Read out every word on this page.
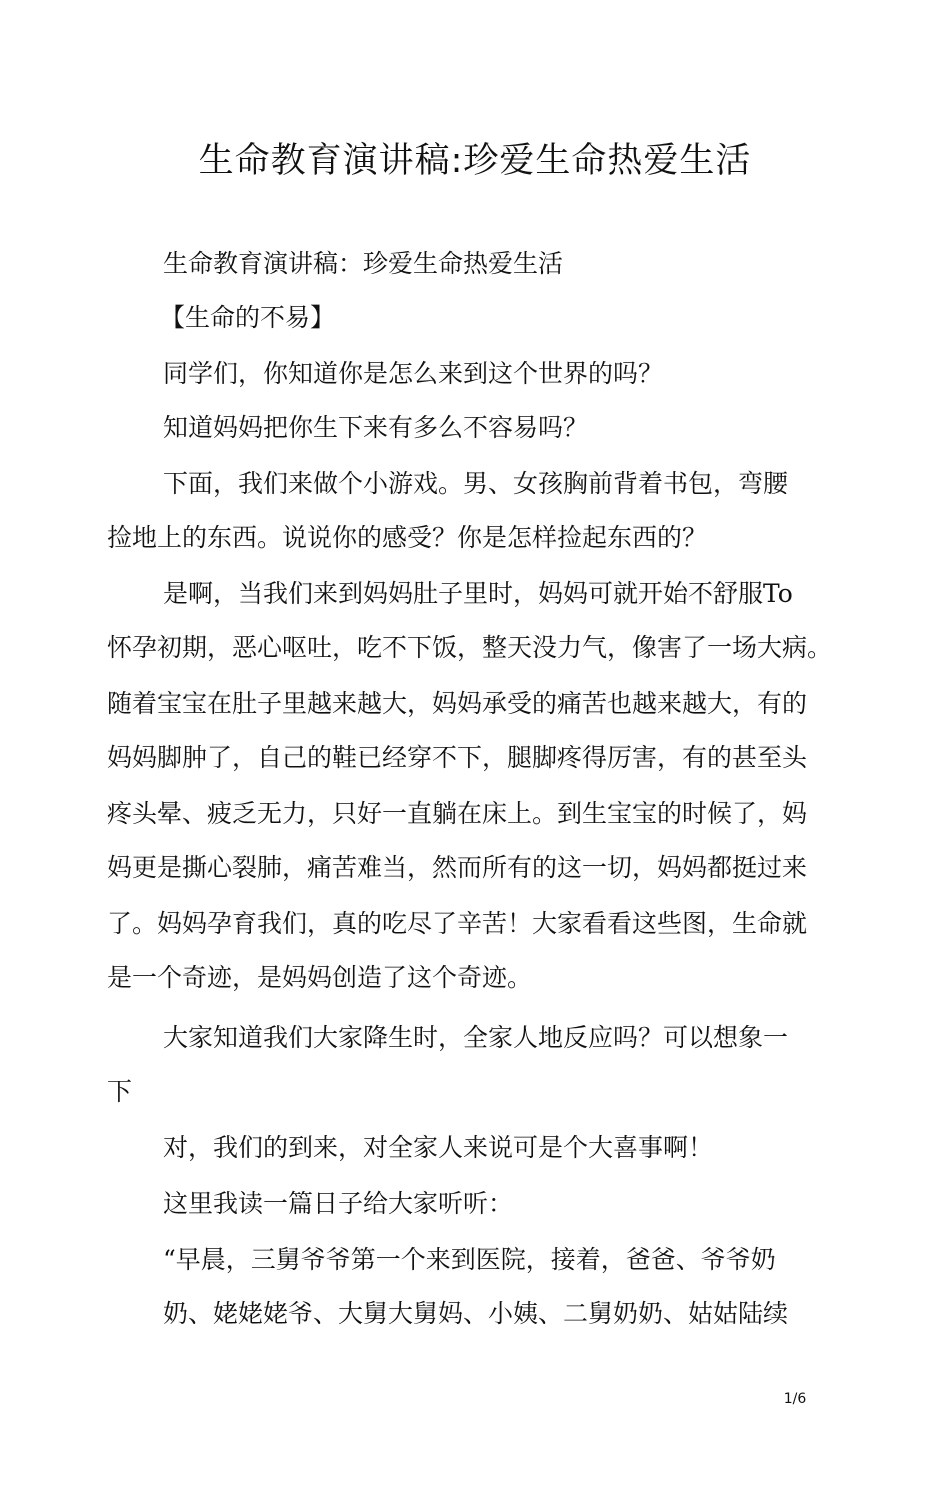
生命教育演讲稿:珍爱生命热爱生活
生命教育演讲稿：珍爱生命热爱生活
【生命的不易】
同学们，你知道你是怎么来到这个世界的吗？
知道妈妈把你生下来有多么不容易吗？
下面，我们来做个小游戏。男、女孩胸前背着书包，弯腰
捡地上的东西。说说你的感受？你是怎样捡起东西的？
是啊，当我们来到妈妈肚子里时，妈妈可就开始不舒服To
怀孕初期，恶心呕吐，吃不下饭，整天没力气，像害了一场大病。
随着宝宝在肚子里越来越大，妈妈承受的痛苦也越来越大，有的
妈妈脚肿了，自己的鞋已经穿不下，腿脚疼得厉害，有的甚至头
疼头晕、疲乏无力，只好一直躺在床上。到生宝宝的时候了，妈
妈更是撕心裂肺，痛苦难当，然而所有的这一切，妈妈都挺过来
了。妈妈孕育我们，真的吃尽了辛苦！大家看看这些图，生命就
是一个奇迹，是妈妈创造了这个奇迹。
大家知道我们大家降生时，全家人地反应吗？可以想象一
下
对，我们的到来，对全家人来说可是个大喜事啊！
这里我读一篇日子给大家听听：
“早晨，三舅爷爷第一个来到医院，接着，爸爸、爷爷奶
奶、姥姥姥爷、大舅大舅妈、小姨、二舅奶奶、姑姑陆续
1/6
